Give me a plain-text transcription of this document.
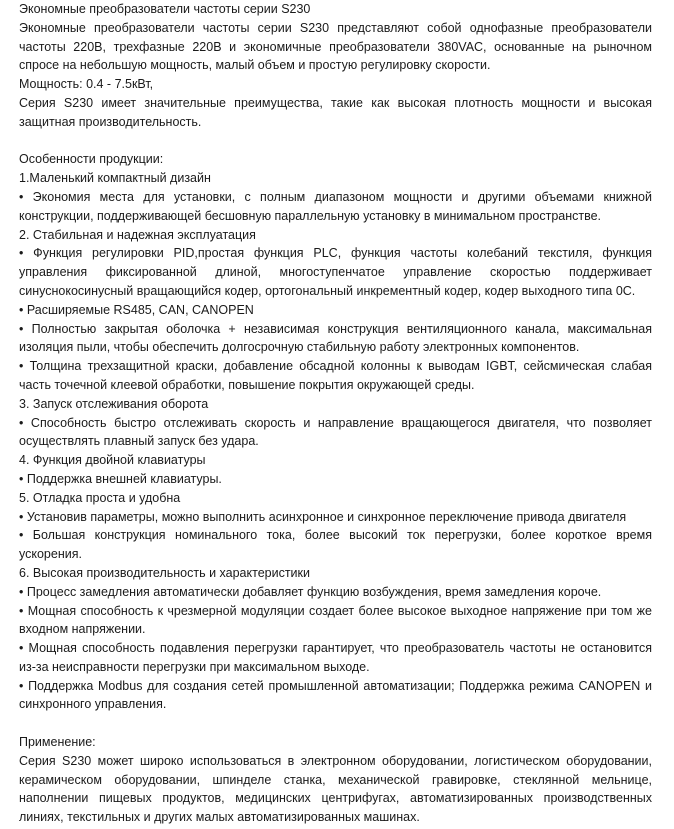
Экономные преобразователи частоты серии S230

Экономные преобразователи частоты серии S230 представляют собой однофазные преобразователи частоты 220В, трехфазные 220В и экономичные преобразователи 380VAC, основанные на рыночном спросе на небольшую мощность, малый объем и простую регулировку скорости.

Мощность: 0.4 - 7.5кВт,

Серия S230 имеет значительные преимущества, такие как высокая плотность мощности и высокая защитная производительность.

Особенности продукции:

1.Маленький компактный дизайн

• Экономия места для установки, с полным диапазоном мощности и другими объемами книжной конструкции, поддерживающей бесшовную параллельную установку в минимальном пространстве.

2. Стабильная и надежная эксплуатация

• Функция регулировки PID,простая функция PLC, функция частоты колебаний текстиля, функция управления фиксированной длиной, многоступенчатое управление скоростью поддерживает синуснокосинусный вращающийся кодер, ортогональный инкрементный кодер, кодер выходного типа 0С.

• Расширяемые RS485, CAN, CANOPEN

• Полностью закрытая оболочка + независимая конструкция вентиляционного канала, максимальная изоляция пыли, чтобы обеспечить долгосрочную стабильную работу электронных компонентов.

• Толщина трехзащитной краски, добавление обсадной колонны к выводам IGBT, сейсмическая слабая часть точечной клеевой обработки, повышение покрытия окружающей среды.

3. Запуск отслеживания оборота

• Способность быстро отслеживать скорость и направление вращающегося двигателя, что позволяет осуществлять плавный запуск без удара.

4. Функция двойной клавиатуры

• Поддержка внешней клавиатуры.

5. Отладка проста и удобна

• Установив параметры, можно выполнить асинхронное и синхронное переключение привода двигателя

• Большая конструкция номинального тока, более высокий ток перегрузки, более короткое время ускорения.

6. Высокая производительность и характеристики

• Процесс замедления автоматически добавляет функцию возбуждения, время замедления короче.

• Мощная способность к чрезмерной модуляции создает более высокое выходное напряжение при том же входном напряжении.

• Мощная способность подавления перегрузки гарантирует, что преобразователь частоты не остановится из-за неисправности перегрузки при максимальном выходе.

• Поддержка Modbus для создания сетей промышленной автоматизации; Поддержка режима CANOPEN и синхронного управления.

Применение:

Серия S230 может широко использоваться в электронном оборудовании, логистическом оборудовании, керамическом оборудовании, шпинделе станка, механической гравировке, стеклянной мельнице, наполнении пищевых продуктов, медицинских центрифугах, автоматизированных производственных линиях, текстильных и других малых автоматизированных машинах.
